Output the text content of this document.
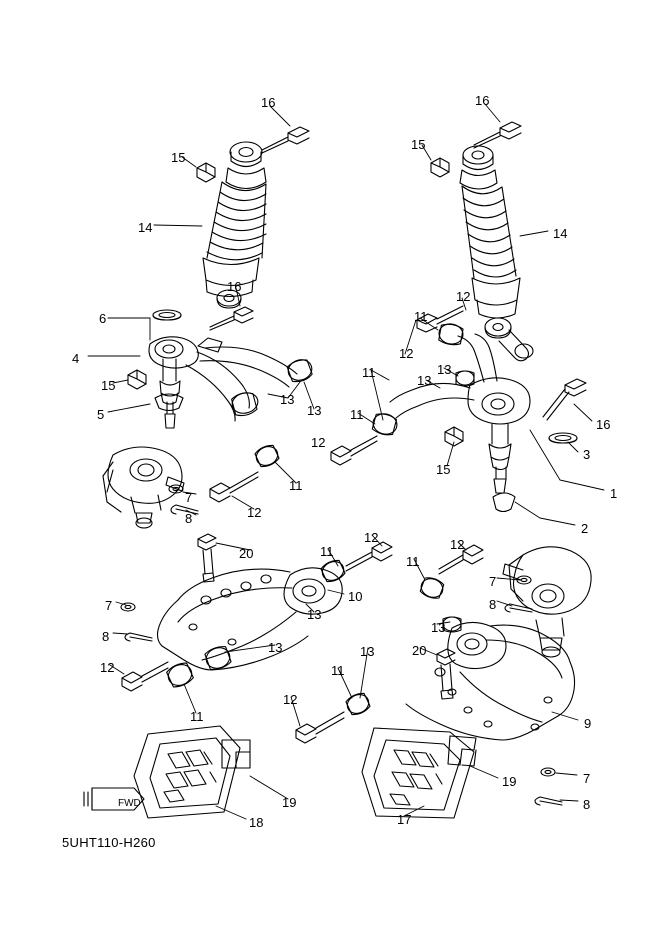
16	16
15
15
14	14
16
11
12
6
12
11
4
13
13
15
5
13
13 11
16
3
12
1
15
11
7
12
8
2
12
20	11
11
12
7
10
8
7
13
13
8
13	13	20
11
12
12
11	9
7
19
19
8
18	17
FWD
5UHT110-H260
